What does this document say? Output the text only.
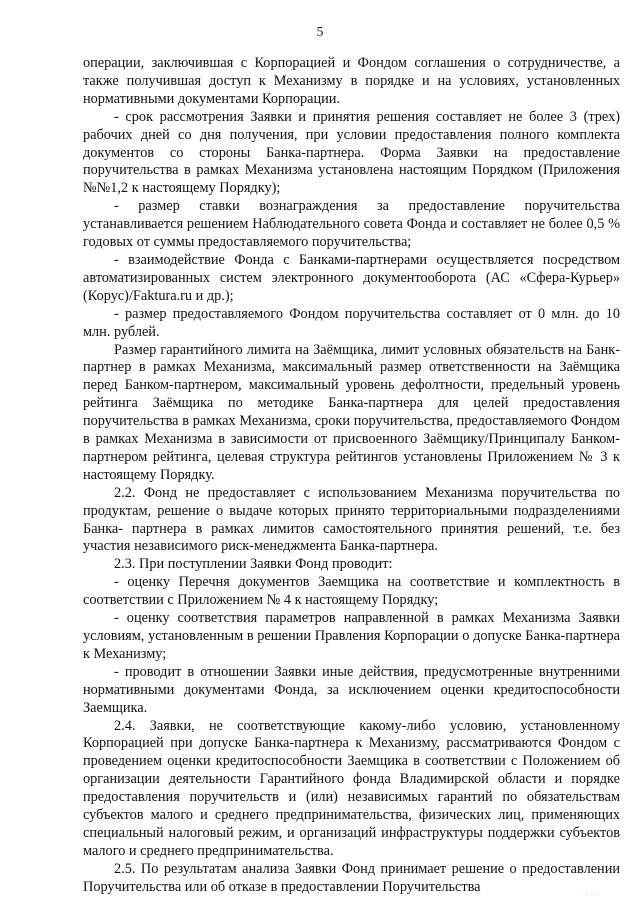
5

операции, заключившая с Корпорацией и Фондом соглашения о сотрудничестве, а также получившая доступ к Механизму в порядке и на условиях, установленных нормативными документами Корпорации.

- срок рассмотрения Заявки и принятия решения составляет не более 3 (трех) рабочих дней со дня получения, при условии предоставления полного комплекта документов со стороны Банка-партнера. Форма Заявки на предоставление поручительства в рамках Механизма установлена настоящим Порядком (Приложения №№1,2 к настоящему Порядку);

- размер ставки вознаграждения за предоставление поручительства устанавливается решением Наблюдательного совета Фонда и составляет не более 0,5 % годовых от суммы предоставляемого поручительства;

- взаимодействие Фонда с Банками-партнерами осуществляется посредством автоматизированных систем электронного документооборота (АС «Сфера-Курьер» (Корус)/Faktura.ru и др.);

- размер предоставляемого Фондом поручительства составляет от 0 млн. до 10 млн. рублей.

Размер гарантийного лимита на Заёмщика, лимит условных обязательств на Банк-партнер в рамках Механизма, максимальный размер ответственности на Заёмщика перед Банком-партнером, максимальный уровень дефолтности, предельный уровень рейтинга Заёмщика по методике Банка-партнера для целей предоставления поручительства в рамках Механизма, сроки поручительства, предоставляемого Фондом в рамках Механизма в зависимости от присвоенного Заёмщику/Принципалу Банком-партнером рейтинга, целевая структура рейтингов установлены Приложением № 3 к настоящему Порядку.

2.2. Фонд не предоставляет с использованием Механизма поручительства по продуктам, решение о выдаче которых принято территориальными подразделениями Банка- партнера в рамках лимитов самостоятельного принятия решений, т.е. без участия независимого риск-менеджмента Банка-партнера.

2.3. При поступлении Заявки Фонд проводит:

- оценку Перечня документов Заемщика на соответствие и комплектность в соответствии с Приложением № 4 к настоящему Порядку;

- оценку соответствия параметров направленной в рамках Механизма Заявки условиям, установленным в решении Правления Корпорации о допуске Банка-партнера к Механизму;

- проводит в отношении Заявки иные действия, предусмотренные внутренними нормативными документами Фонда, за исключением оценки кредитоспособности Заемщика.

2.4. Заявки, не соответствующие какому-либо условию, установленному Корпорацией при допуске Банка-партнера к Механизму, рассматриваются Фондом с проведением оценки кредитоспособности Заемщика в соответствии с Положением об организации деятельности Гарантийного фонда Владимирской области и порядке предоставления поручительств и (или) независимых гарантий по обязательствам субъектов малого и среднего предпринимательства, физических лиц, применяющих специальный налоговый режим, и организаций инфраструктуры поддержки субъектов малого и среднего предпринимательства.

2.5. По результатам анализа Заявки Фонд принимает решение о предоставлении Поручительства или об отказе в предоставлении Поручительства

· · · ·
